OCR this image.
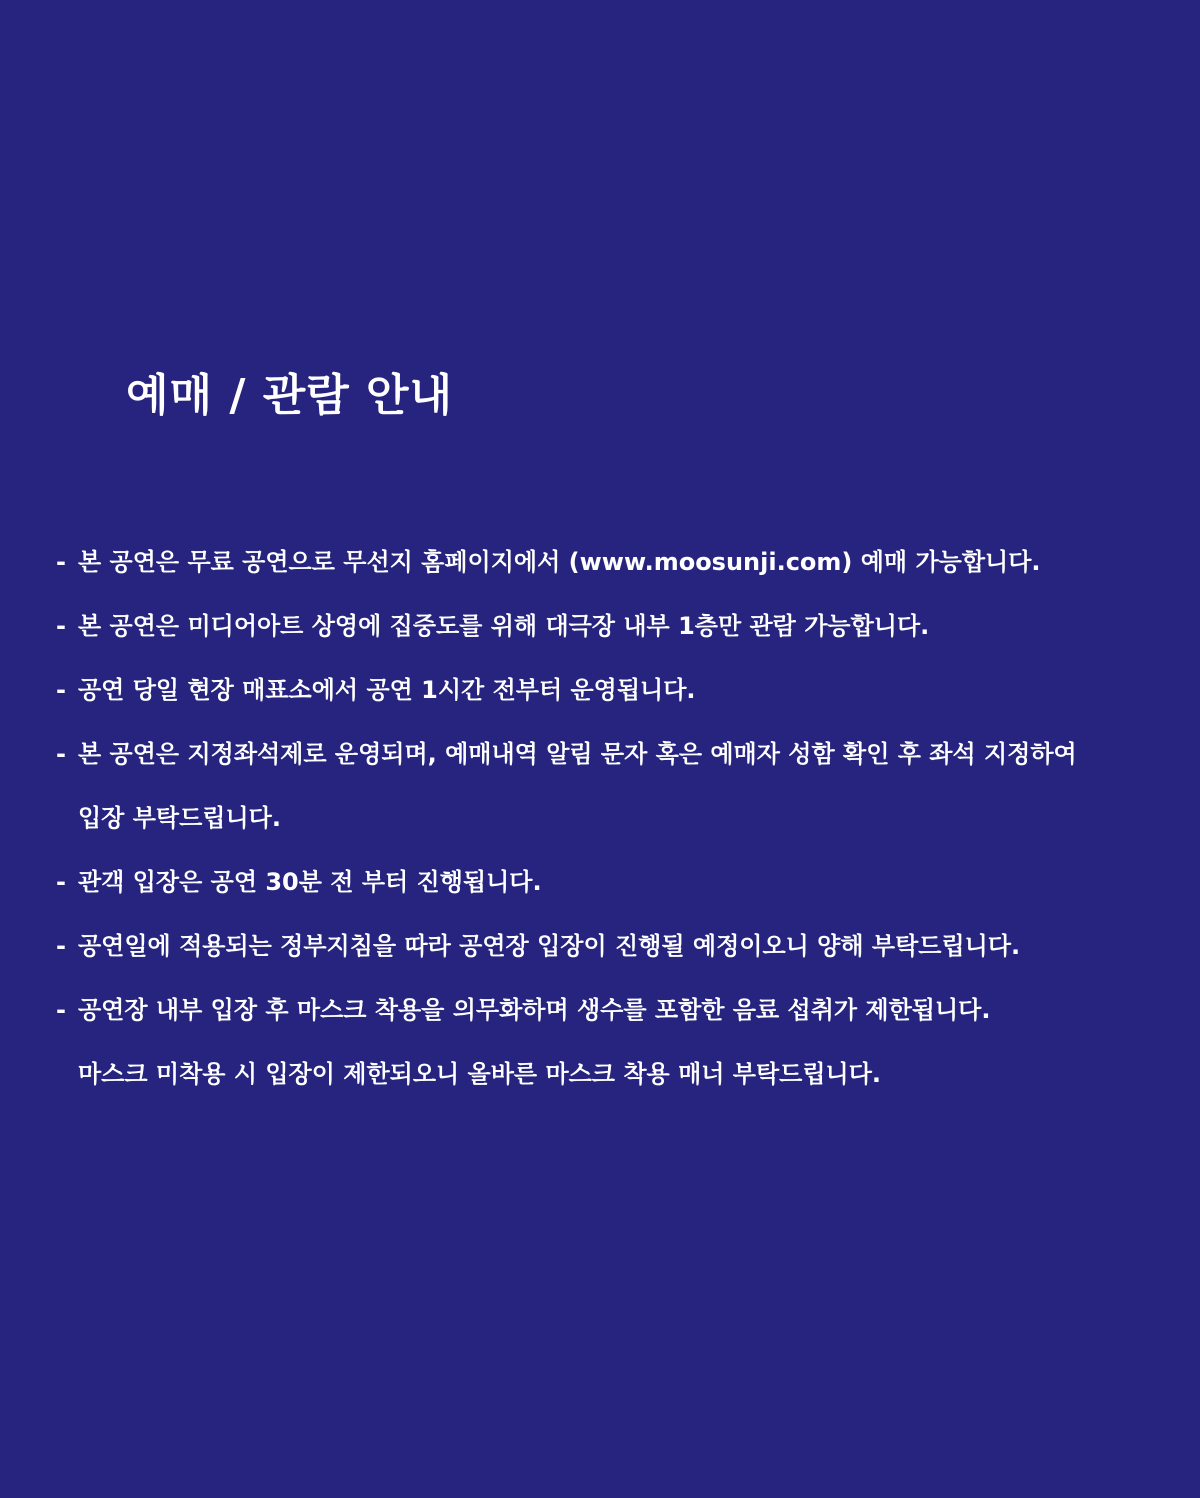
예매 / 관람 안내
- 본 공연은 무료 공연으로 무선지 홈페이지에서 (www.moosunji.com) 예매 가능합니다.
- 본 공연은 미디어아트 상영에 집중도를 위해 대극장 내부 1층만 관람 가능합니다.
- 공연 당일 현장 매표소에서 공연 1시간 전부터 운영됩니다.
- 본 공연은 지정좌석제로 운영되며, 예매내역 알림 문자 혹은 예매자 성함 확인 후 좌석 지정하여
입장 부탁드립니다.
- 관객 입장은 공연 30분 전 부터 진행됩니다.
- 공연일에 적용되는 정부지침을 따라 공연장 입장이 진행될 예정이오니 양해 부탁드립니다.
- 공연장 내부 입장 후 마스크 착용을 의무화하며 생수를 포함한 음료 섭취가 제한됩니다.
마스크 미착용 시 입장이 제한되오니 올바른 마스크 착용 매너 부탁드립니다.
